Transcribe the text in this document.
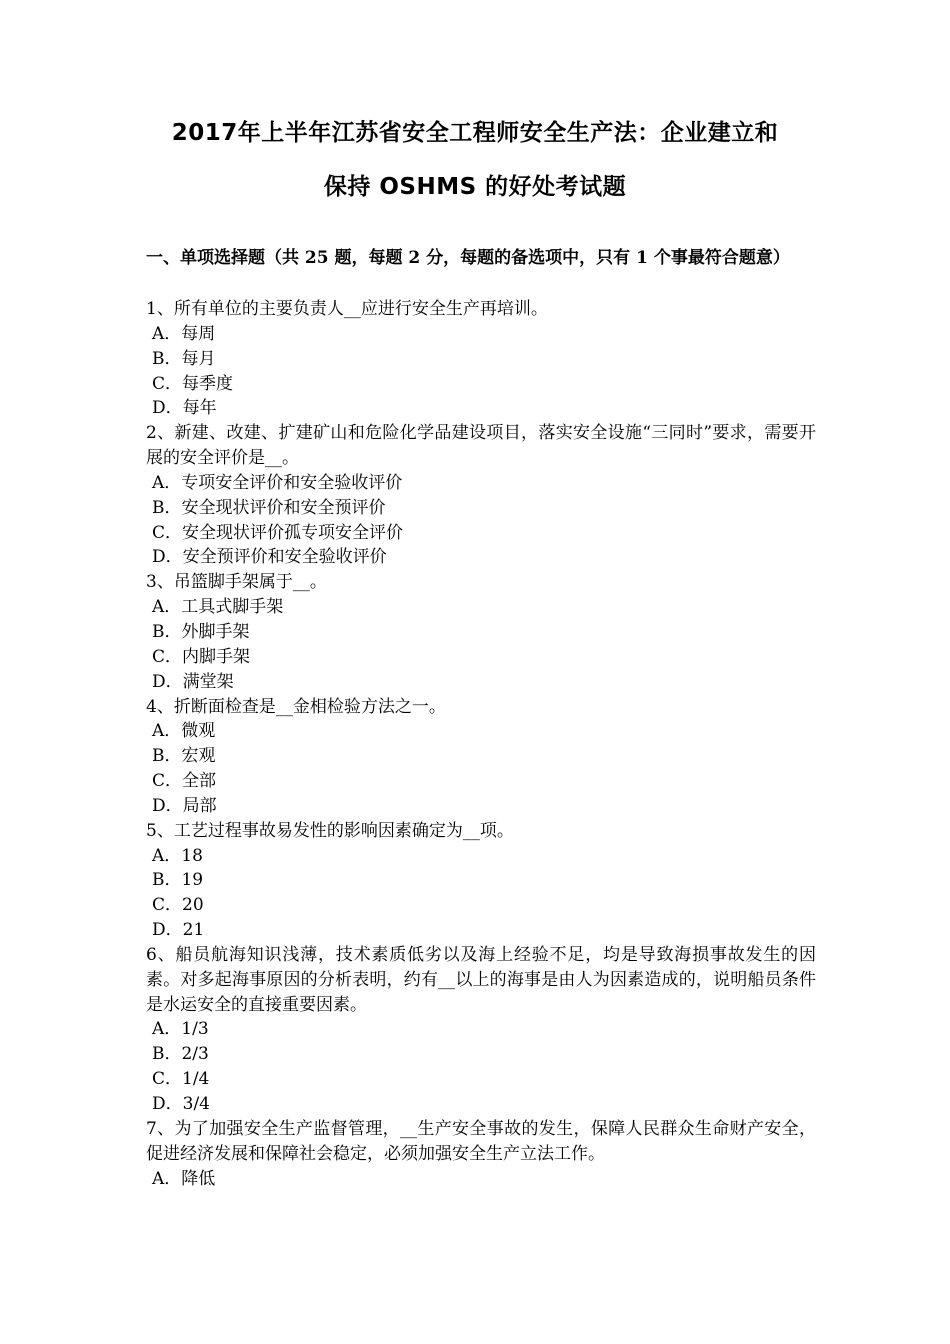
2017年上半年江苏省安全工程师安全生产法：企业建立和
保持 OSHMS 的好处考试题

一、单项选择题（共 25 题，每题 2 分，每题的备选项中，只有 1 个事最符合题意）

1、所有单位的主要负责人__应进行安全生产再培训。

A．每周

B．每月

C．每季度

D．每年

2、新建、改建、扩建矿山和危险化学品建设项目，落实安全设施“三同时”要求，需要开展的安全评价是__。

A．专项安全评价和安全验收评价

B．安全现状评价和安全预评价

C．安全现状评价孤专项安全评价

D．安全预评价和安全验收评价

3、吊篮脚手架属于__。

A．工具式脚手架

B．外脚手架

C．内脚手架

D．满堂架

4、折断面检查是__金相检验方法之一。

A．微观

B．宏观

C．全部

D．局部

5、工艺过程事故易发性的影响因素确定为__项。

A．18

B．19

C．20

D．21

6、船员航海知识浅薄，技术素质低劣以及海上经验不足，均是导致海损事故发生的因素。对多起海事原因的分析表明，约有__以上的海事是由人为因素造成的，说明船员条件是水运安全的直接重要因素。

A．1/3

B．2/3

C．1/4

D．3/4

7、为了加强安全生产监督管理，__生产安全事故的发生，保障人民群众生命财产安全，促进经济发展和保障社会稳定，必须加强安全生产立法工作。

A．降低
